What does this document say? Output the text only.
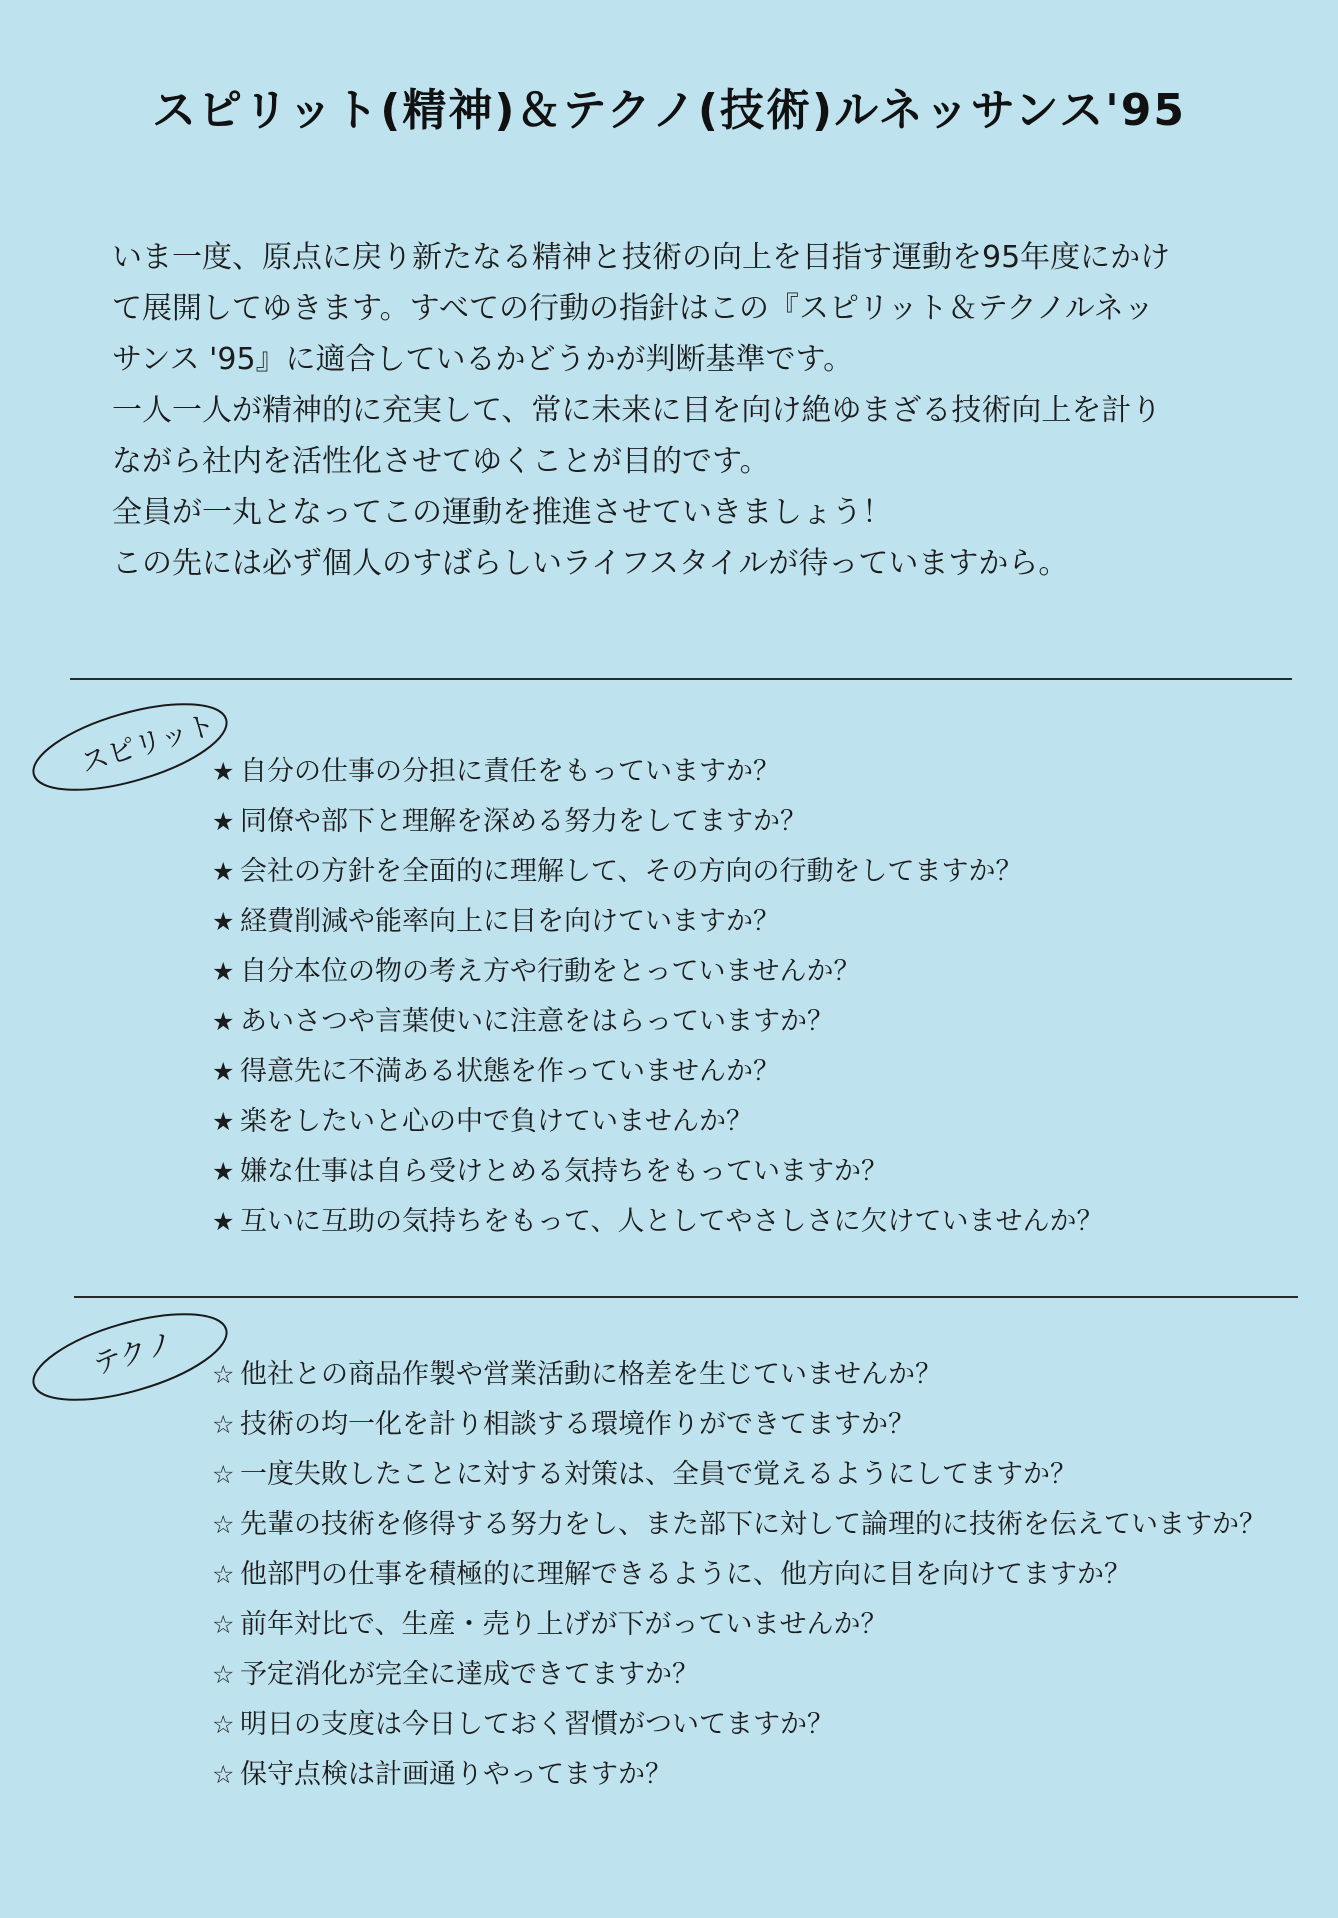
スピリット(精神)＆テクノ(技術)ルネッサンス'95

いま一度、原点に戻り新たなる精神と技術の向上を目指す運動を95年度にかけ

て展開してゆきます。すべての行動の指針はこの『スピリット＆テクノルネッ

サンス '95』に適合しているかどうかが判断基準です。

一人一人が精神的に充実して、常に未来に目を向け絶ゆまざる技術向上を計り

ながら社内を活性化させてゆくことが目的です。

全員が一丸となってこの運動を推進させていきましょう！

この先には必ず個人のすばらしいライフスタイルが待っていますから。

スピリット
★ 自分の仕事の分担に責任をもっていますか？
★ 同僚や部下と理解を深める努力をしてますか？
★ 会社の方針を全面的に理解して、その方向の行動をしてますか？
★ 経費削減や能率向上に目を向けていますか？
★ 自分本位の物の考え方や行動をとっていませんか？
★ あいさつや言葉使いに注意をはらっていますか？
★ 得意先に不満ある状態を作っていませんか？
★ 楽をしたいと心の中で負けていませんか？
★ 嫌な仕事は自ら受けとめる気持ちをもっていますか？
★ 互いに互助の気持ちをもって、人としてやさしさに欠けていませんか？
テクノ ☆ 他社との商品作製や営業活動に格差を生じていませんか？
☆ 技術の均一化を計り相談する環境作りができてますか？
☆ 一度失敗したことに対する対策は、全員で覚えるようにしてますか？
☆ 先輩の技術を修得する努力をし、また部下に対して論理的に技術を伝えていますか？
☆ 他部門の仕事を積極的に理解できるように、他方向に目を向けてますか？
☆ 前年対比で、生産・売り上げが下がっていませんか？
☆ 予定消化が完全に達成できてますか？
☆ 明日の支度は今日しておく習慣がついてますか？
☆ 保守点検は計画通りやってますか？
